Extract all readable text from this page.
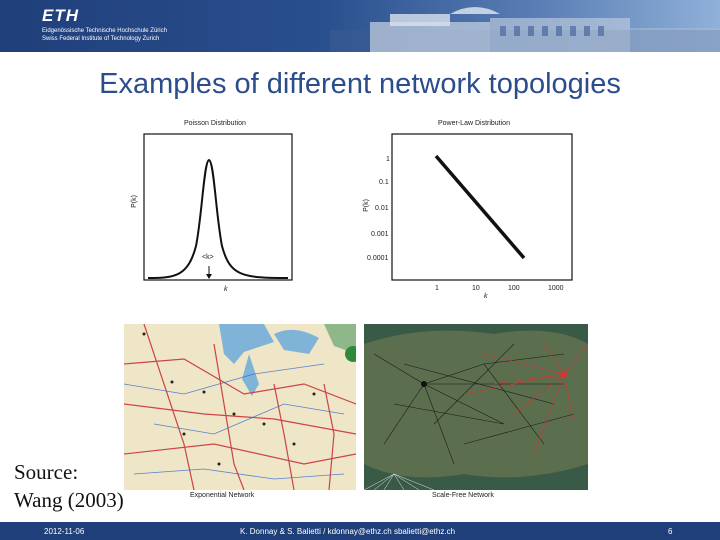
ETH
Eidgenössische Technische Hochschule Zürich
Swiss Federal Institute of Technology Zurich
Examples of different network topologies
Poisson Distribution
P(k)
k
<k>
Power-Law Distribution
P(k)
1
0.1
0.01
0.001
0.0001
1	10	100	1000
k
Exponential Network	Scale-Free Network
Source:
Wang (2003)
2012-11-06	K. Donnay & S. Balietti / kdonnay@ethz.ch sbalietti@ethz.ch	6
